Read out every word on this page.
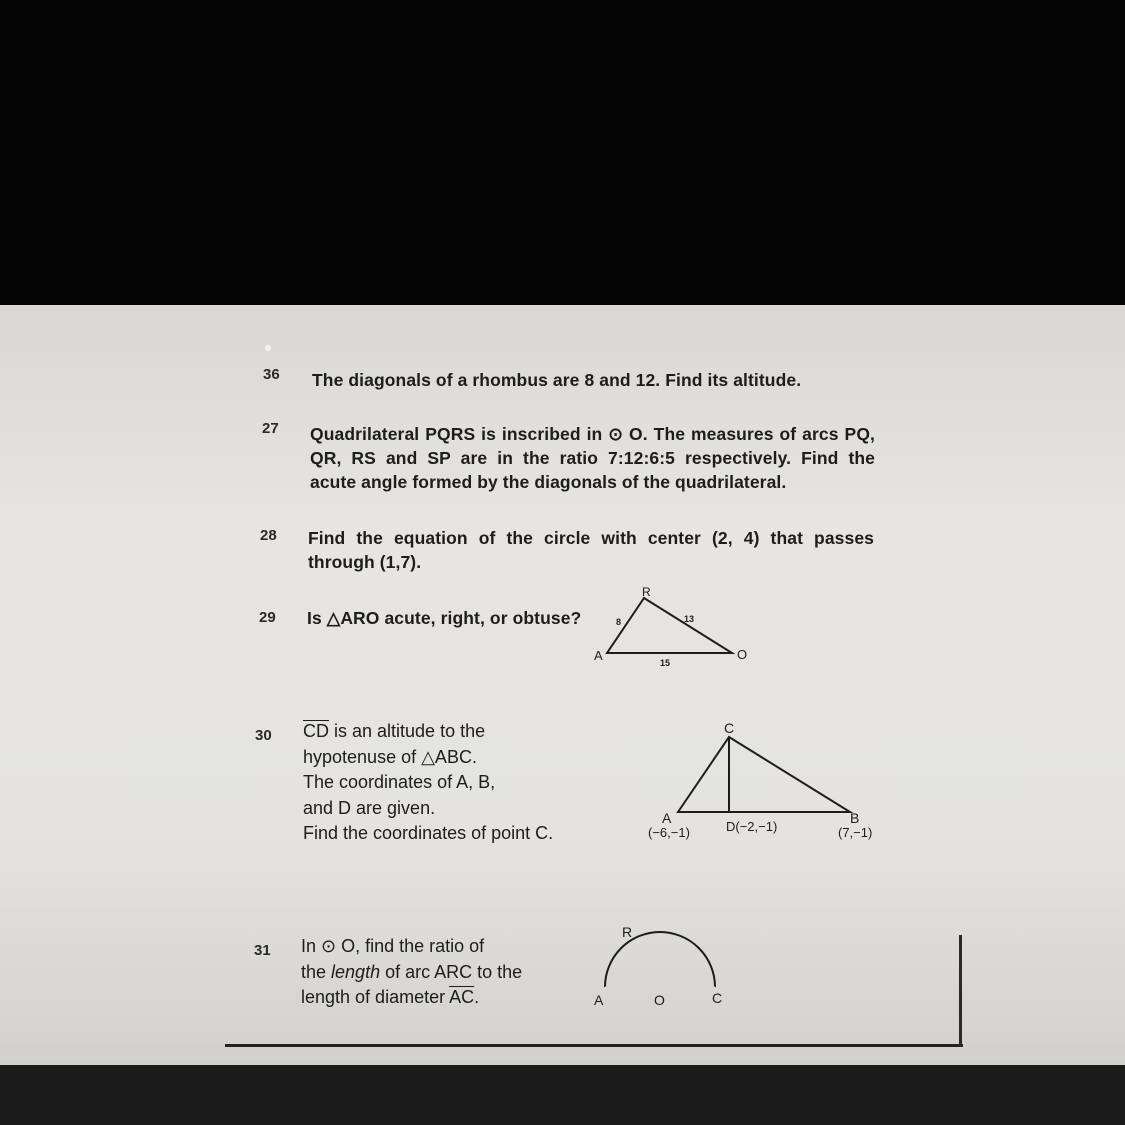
36 The diagonals of a rhombus are 8 and 12. Find its altitude.
27 Quadrilateral PQRS is inscribed in ⊙ O. The measures of arcs PQ,
QR, RS and SP are in the ratio 7:12:6:5 respectively. Find the
acute angle formed by the diagonals of the quadrilateral.
28 Find the equation of the circle with center (2, 4) that passes
through (1,7).
29 Is △ARO acute, right, or obtuse?
R
A	O
8	13
15
30 $\overline{CD}$ is an altitude to the
hypotenuse of △ABC.
The coordinates of A, B,
and D are given.
Find the coordinates of point C.
C
A	B
(−6,−1)	D(−2,−1)	(7,−1)
31 In ⊙ O, find the ratio of
the length of arc ARC to the
length of diameter $\overline{AC}$.
R
A	O	C
